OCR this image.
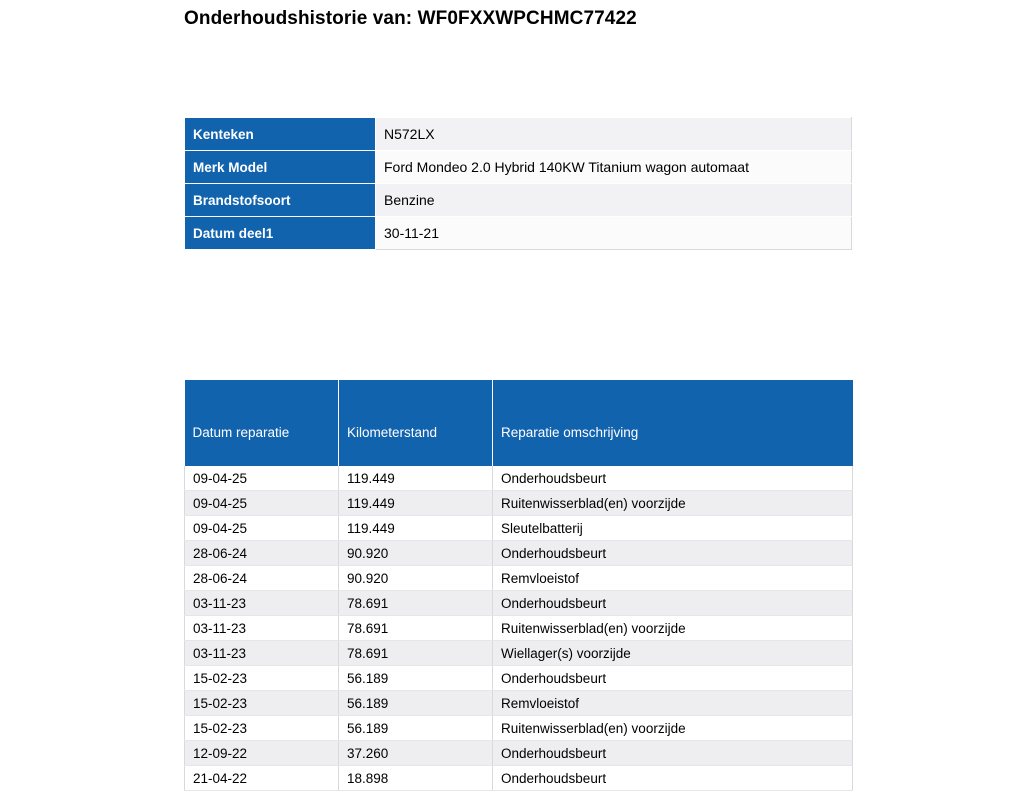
Onderhoudshistorie van: WF0FXXWPCHMC77422
Kenteken	N572LX
Merk Model	Ford Mondeo 2.0 Hybrid 140KW Titanium wagon automaat
Brandstofsoort	Benzine
Datum deel1	30-11-21
Datum reparatie	Kilometerstand	Reparatie omschrijving
09-04-25	119.449	Onderhoudsbeurt
09-04-25	119.449	Ruitenwisserblad(en) voorzijde
09-04-25	119.449	Sleutelbatterij
28-06-24	90.920	Onderhoudsbeurt
28-06-24	90.920	Remvloeistof
03-11-23	78.691	Onderhoudsbeurt
03-11-23	78.691	Ruitenwisserblad(en) voorzijde
03-11-23	78.691	Wiellager(s) voorzijde
15-02-23	56.189	Onderhoudsbeurt
15-02-23	56.189	Remvloeistof
15-02-23	56.189	Ruitenwisserblad(en) voorzijde
12-09-22	37.260	Onderhoudsbeurt
21-04-22	18.898	Onderhoudsbeurt
